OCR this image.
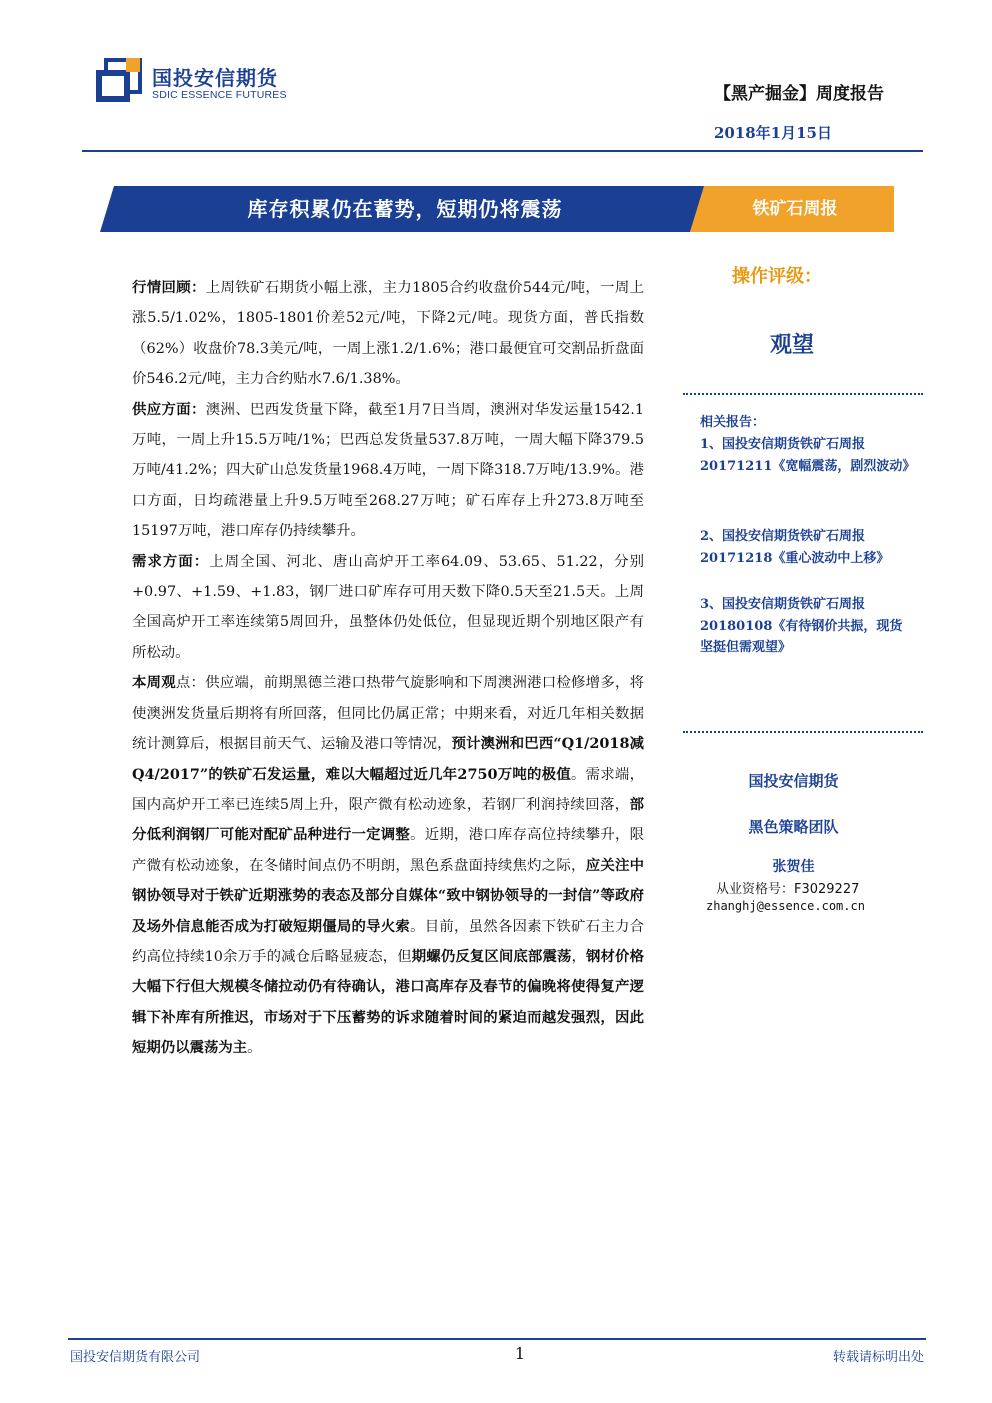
国投安信期货
SDIC ESSENCE FUTURES	【黑产掘金】周度报告
2018年1月15日
库存积累仍在蓄势，短期仍将震荡	铁矿石周报

行情回顾：上周铁矿石期货小幅上涨，主力1805合约收盘价544元/吨，一周上涨5.5/1.02%，1805-1801价差52元/吨，下降2元/吨。现货方面，普氏指数（62%）收盘价78.3美元/吨，一周上涨1.2/1.6%；港口最便宜可交割品折盘面价546.2元/吨，主力合约贴水7.6/1.38%。

供应方面：澳洲、巴西发货量下降，截至1月7日当周，澳洲对华发运量1542.1万吨，一周上升15.5万吨/1%；巴西总发货量537.8万吨，一周大幅下降379.5万吨/41.2%；四大矿山总发货量1968.4万吨，一周下降318.7万吨/13.9%。港口方面，日均疏港量上升9.5万吨至268.27万吨；矿石库存上升273.8万吨至15197万吨，港口库存仍持续攀升。

需求方面：上周全国、河北、唐山高炉开工率64.09、53.65、51.22，分别+0.97、+1.59、+1.83，钢厂进口矿库存可用天数下降0.5天至21.5天。上周全国高炉开工率连续第5周回升，虽整体仍处低位，但显现近期个别地区限产有所松动。

本周观点：供应端，前期黑德兰港口热带气旋影响和下周澳洲港口检修增多，将使澳洲发货量后期将有所回落，但同比仍属正常；中期来看，对近几年相关数据统计测算后，根据目前天气、运输及港口等情况，预计澳洲和巴西“Q1/2018减Q4/2017”的铁矿石发运量，难以大幅超过近几年2750万吨的极值。需求端，国内高炉开工率已连续5周上升，限产微有松动迹象，若钢厂利润持续回落，部分低利润钢厂可能对配矿品种进行一定调整。近期，港口库存高位持续攀升，限产微有松动迹象，在冬储时间点仍不明朗，黑色系盘面持续焦灼之际，应关注中钢协领导对于铁矿近期涨势的表态及部分自媒体“致中钢协领导的一封信”等政府及场外信息能否成为打破短期僵局的导火索。目前，虽然各因素下铁矿石主力合约高位持续10余万手的减仓后略显疲态，但期螺仍反复区间底部震荡，钢材价格大幅下行但大规模冬储拉动仍有待确认，港口高库存及春节的偏晚将使得复产逻辑下补库有所推迟，市场对于下压蓄势的诉求随着时间的紧迫而越发强烈，因此短期仍以震荡为主。

操作评级：
观望
相关报告：
1、国投安信期货铁矿石周报20171211《宽幅震荡，剧烈波动》
2、国投安信期货铁矿石周报20171218《重心波动中上移》
3、国投安信期货铁矿石周报20180108《有待钢价共振，现货坚挺但需观望》
国投安信期货
黑色策略团队
张贺佳
从业资格号：F3029227
zhanghj@essence.com.cn
国投安信期货有限公司	1	转载请标明出处
